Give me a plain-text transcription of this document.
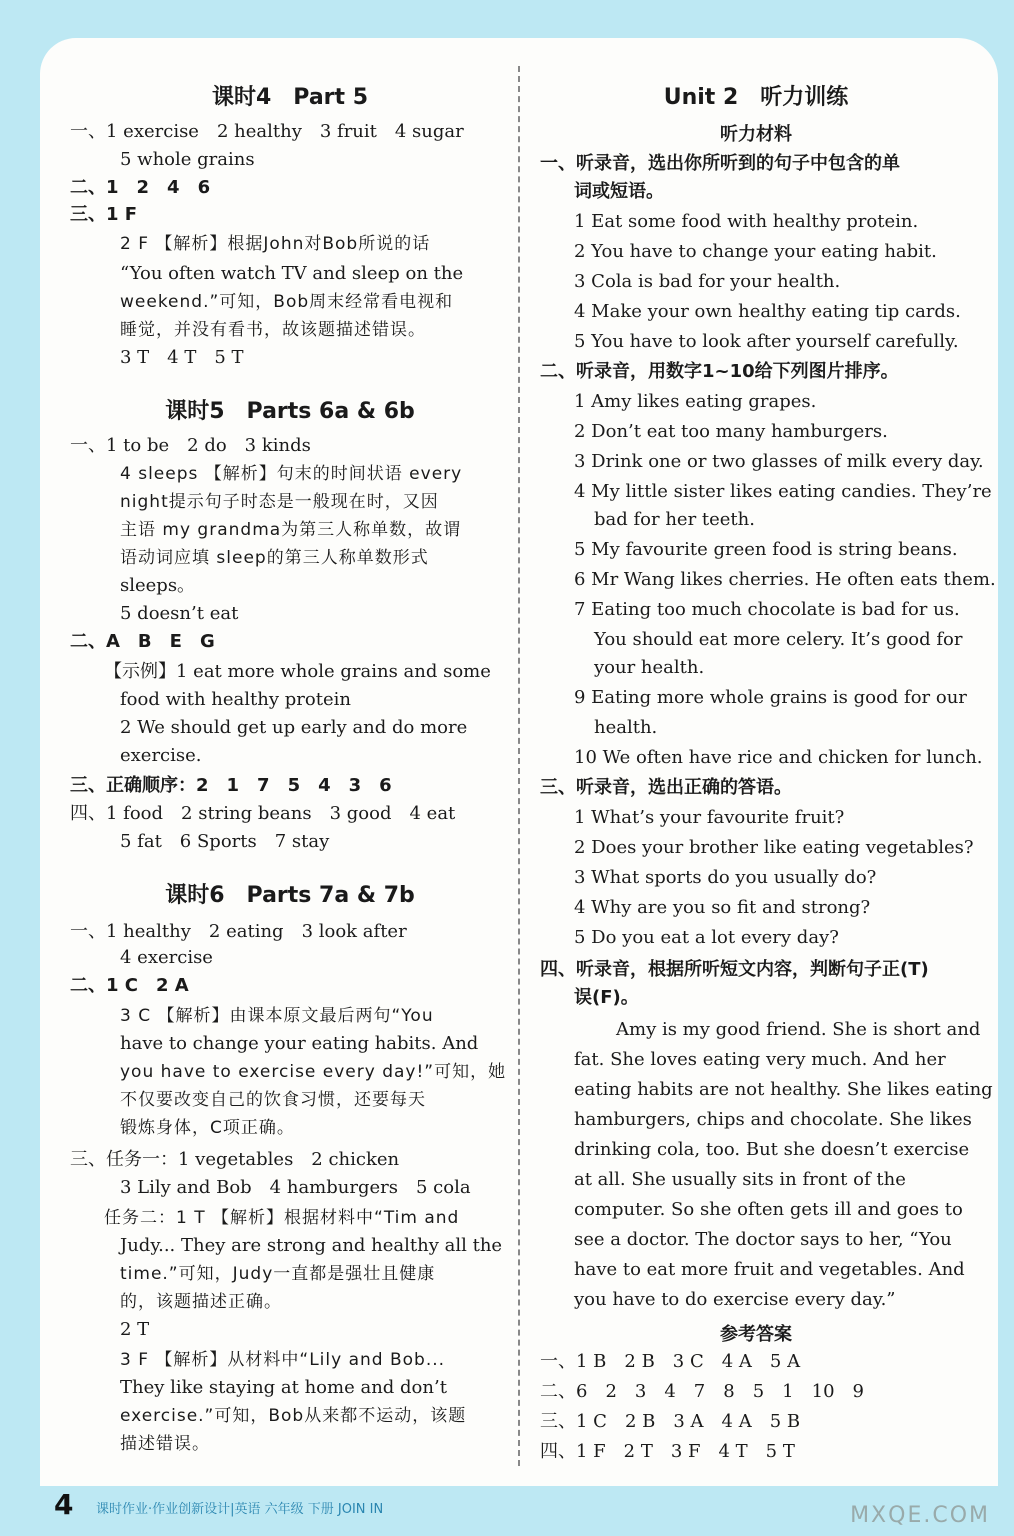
课时4　Part 5
一、1 exercise　2 healthy　3 fruit　4 sugar
5 whole grains
二、1　2　4　6
三、1 F
2 F 【解析】根据John对Bob所说的话
“You often watch TV and sleep on the
weekend.”可知，Bob周末经常看电视和
睡觉，并没有看书，故该题描述错误。
3 T　4 T　5 T
课时5　Parts 6a & 6b
一、1 to be　2 do　3 kinds
4 sleeps 【解析】句末的时间状语 every
night提示句子时态是一般现在时，又因
主语 my grandma为第三人称单数，故谓
语动词应填 sleep的第三人称单数形式
sleeps。
5 doesn’t eat
二、A　B　E　G
【示例】1 eat more whole grains and some
food with healthy protein
2 We should get up early and do more
exercise.
三、正确顺序：2　1　7　5　4　3　6
四、1 food　2 string beans　3 good　4 eat
5 fat　6 Sports　7 stay
课时6　Parts 7a & 7b
一、1 healthy　2 eating　3 look after
4 exercise
二、1 C　2 A
3 C 【解析】由课本原文最后两句“You
have to change your eating habits. And
you have to exercise every day!”可知，她
不仅要改变自己的饮食习惯，还要每天
锻炼身体，C项正确。
三、任务一：1 vegetables　2 chicken
3 Lily and Bob　4 hamburgers　5 cola
任务二：1 T 【解析】根据材料中“Tim and
Judy... They are strong and healthy all the
time.”可知，Judy一直都是强壮且健康
的，该题描述正确。
2 T
3 F 【解析】从材料中“Lily and Bob...
They like staying at home and don’t
exercise.”可知，Bob从来都不运动，该题
描述错误。
Unit 2　听力训练
听力材料
一、听录音，选出你所听到的句子中包含的单
词或短语。
1 Eat some food with healthy protein.
2 You have to change your eating habit.
3 Cola is bad for your health.
4 Make your own healthy eating tip cards.
5 You have to look after yourself carefully.
二、听录音，用数字1~10给下列图片排序。
1 Amy likes eating grapes.
2 Don’t eat too many hamburgers.
3 Drink one or two glasses of milk every day.
4 My little sister likes eating candies. They’re
bad for her teeth.
5 My favourite green food is string beans.
6 Mr Wang likes cherries. He often eats them.
7 Eating too much chocolate is bad for us.
You should eat more celery. It’s good for
your health.
9 Eating more whole grains is good for our
health.
10 We often have rice and chicken for lunch.
三、听录音，选出正确的答语。
1 What’s your favourite fruit?
2 Does your brother like eating vegetables?
3 What sports do you usually do?
4 Why are you so fit and strong?
5 Do you eat a lot every day?
四、听录音，根据所听短文内容，判断句子正(T)
误(F)。
Amy is my good friend. She is short and
fat. She loves eating very much. And her
eating habits are not healthy. She likes eating
hamburgers, chips and chocolate. She likes
drinking cola, too. But she doesn’t exercise
at all. She usually sits in front of the
computer. So she often gets ill and goes to
see a doctor. The doctor says to her, “You
have to eat more fruit and vegetables. And
you have to do exercise every day.”
参考答案
一、1 B　2 B　3 C　4 A　5 A
二、6　2　3　4　7　8　5　1　10　9
三、1 C　2 B　3 A　4 A　5 B
四、1 F　2 T　3 F　4 T　5 T
4 课时作业·作业创新设计|英语 六年级 下册 JOIN IN	MXQE.COM
